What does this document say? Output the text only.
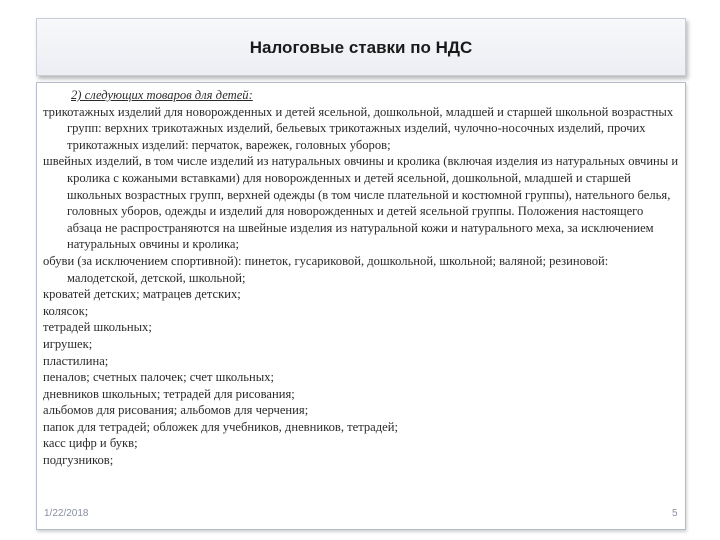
Налоговые ставки по НДС
2) следующих товаров для детей:
трикотажных изделий для новорожденных и детей ясельной, дошкольной, младшей и старшей школьной возрастных групп: верхних трикотажных изделий, бельевых трикотажных изделий, чулочно-носочных изделий, прочих трикотажных изделий: перчаток, варежек, головных уборов;
швейных изделий, в том числе изделий из натуральных овчины и кролика (включая изделия из натуральных овчины и кролика с кожаными вставками) для новорожденных и детей ясельной, дошкольной, младшей и старшей школьных возрастных групп, верхней одежды (в том числе плательной и костюмной группы), нательного белья, головных уборов, одежды и изделий для новорожденных и детей ясельной группы. Положения настоящего абзаца не распространяются на швейные изделия из натуральной кожи и натурального меха, за исключением натуральных овчины и кролика;
обуви (за исключением спортивной): пинеток, гусариковой, дошкольной, школьной; валяной; резиновой: малодетской, детской, школьной;
кроватей детских; матрацев детских;
колясок;
тетрадей школьных;
игрушек;
пластилина;
пеналов; счетных палочек; счет школьных;
дневников школьных; тетрадей для рисования;
альбомов для рисования; альбомов для черчения;
папок для тетрадей; обложек для учебников, дневников, тетрадей;
касс цифр и букв;
подгузников;
1/22/2018	5
